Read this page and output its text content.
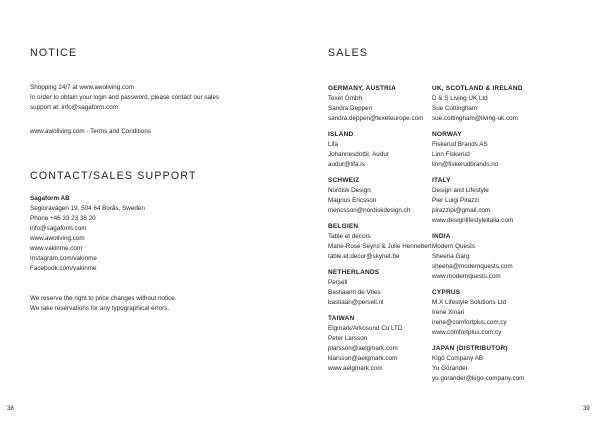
NOTICE
Shopping 24/7 at www.awoliving.com
In order to obtain your login and password, please contact our sales
support at: info@sagaform.com
www.awoliving.com - Terms and Conditions
CONTACT/SALES SUPPORT
Sagaform AB
Segloravägen 19, 504 64 Borås, Sweden
Phone +46 33 23 38 20
info@sagaform.com
www.awoliving.com
www.vakinme.com
Instagram.com/vakinme
Facebook.com/vakinme
We reserve the right to price changes without notice.
We take reservations for any typographical errors.
38
SALES
GERMANY, AUSTRIA
Texet Gmbh
Sandra Deppen
sandra.deppen@texeteurope.com
ISLAND
Lifa
Johannesdottir, Audur
audur@lifa.is
SCHWEIZ
Nordisk Design
Magnus Ericsson
mericsson@nordiskdesign.ch
BELGIEN
Table et decors
Marie-Rose Seyns & Julie Hennebert
table.et.decor@skynet.be
NETHERLANDS
Persell
Bastiaann de Vries
bastiaan@persell.nl
TAIWAN
Elgmark/Arkosund Co LTD
Peter Larsson
plarsson@aelgmark.com
klarsson@aelgmark.com
www.aelgmark.com
UK, SCOTLAND & IRELAND
D & S Living UK Ltd
Sue Cottingham
sue.cottingham@living-uk.com
NORWAY
Fiskerud Brands AS
Linn Fiskerud
linn@fiskerudbrands.no
ITALY
Design and Lifestyle
Pier Luigi Pirazzi
pirazzipl@gmail.com
www.designlifestyleitalia.com
INDIA
Modern Quests
Sheena Garg
sheena@modernquests.com
www.modernquests.com
CYPRUS
M.X Lifestyle Solutions Ltd
Irene Xinari
irene@comfortplus.com.cy
www.comfortplus.com.cy
JAPAN (DISTRIBUTOR)
Kigō Company AB
Yu Gōrander
yu.gorander@kigo-company.com
39
